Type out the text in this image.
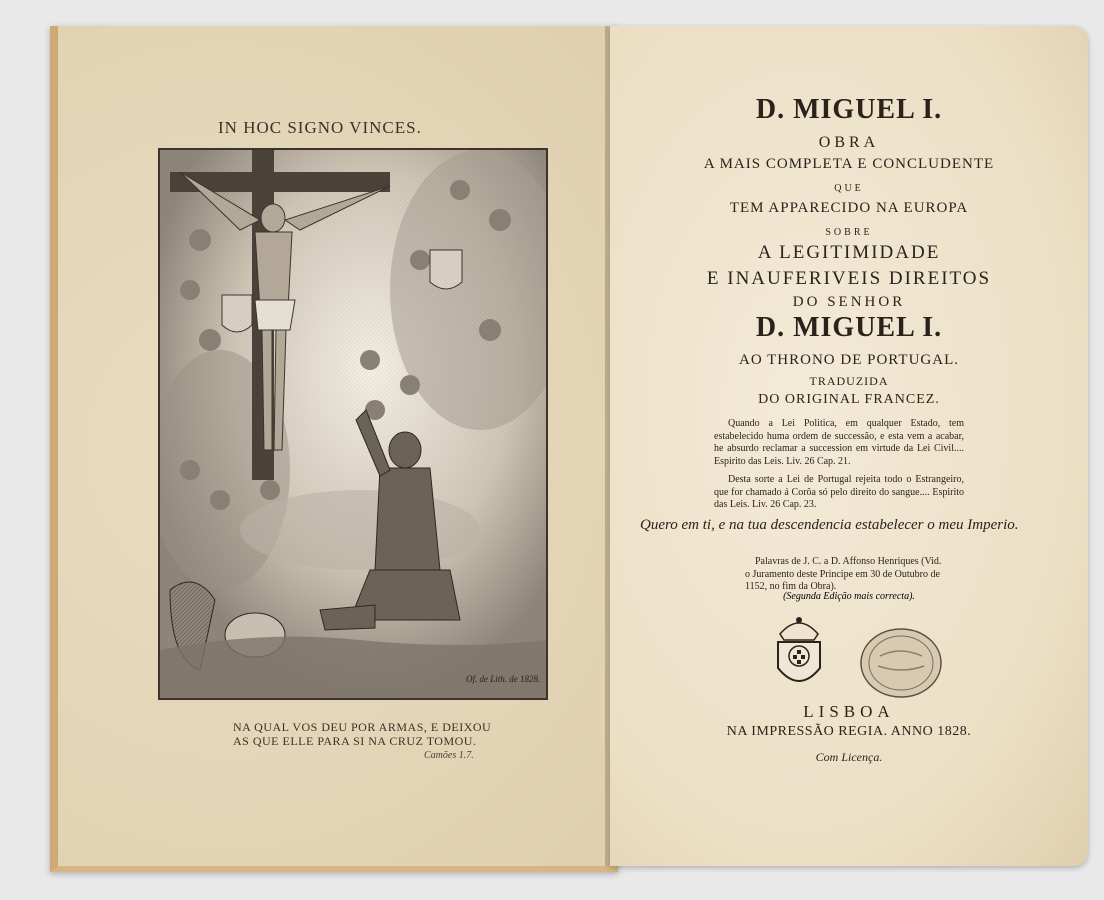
IN HOC SIGNO VINCES.
Of. de Lith. de 1828.
NA QUAL VOS DEU POR ARMAS, E DEIXOU
AS QUE ELLE PARA SI NA CRUZ TOMOU.
Camões 1.7.
D. MIGUEL I.
OBRA
A MAIS COMPLETA E CONCLUDENTE
QUE
TEM APPARECIDO NA EUROPA
SOBRE
A LEGITIMIDADE
E INAUFERIVEIS DIREITOS
DO SENHOR
D. MIGUEL I.
AO THRONO DE PORTUGAL.
TRADUZIDA
DO ORIGINAL FRANCEZ.
Quando a Lei Politica, em qualquer Estado, tem estabelecido huma ordem de successão, e esta vem a acabar, he absurdo reclamar a succession em virtude da Lei Civil.... Espirito das Leis. Liv. 26 Cap. 21.
Desta sorte a Lei de Portugal rejeita todo o Estrangeiro, que for chamado á Corôa só pelo direito do sangue.... Espirito das Leis. Liv. 26 Cap. 23.
Quero em ti, e na tua descendencia estabelecer o meu Imperio.
Palavras de J. C. a D. Affonso Henriques (Vid. o Juramento deste Principe em 30 de Outubro de 1152, no fim da Obra).
(Segunda Edição mais correcta).
LISBOA
NA IMPRESSÃO REGIA. ANNO 1828.
Com Licença.
